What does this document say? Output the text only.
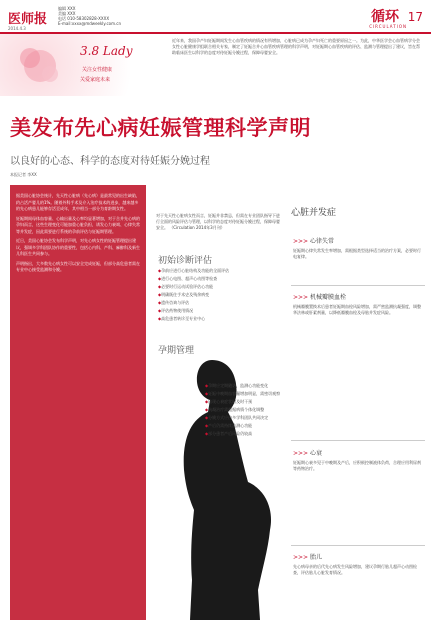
医师报
2014.4.3
编辑 XXX
美编 XXX
电话 010-58302828-XXXX
E-mail:xxxx@mdweekly.com.cn	循环
CIRCULATION
17
3.8 Lady
关注女性健康
关爱家庭未来
近年来，我国孕产妇妊娠期间发生心血管疾病的情况有所增加，心脏病已成为孕产妇死亡的重要原因之一。为此，中华医学会心血管病学分会女性心脏健康学组联合相关专家，制定了妊娠合并心血管疾病管理的科学声明，对妊娠期心血管疾病的评估、监测与管理提出了建议，旨在帮助临床医生以科学的态度对待妊娠分娩过程，保障母婴安全。
美发布先心病妊娠管理科学声明
以良好的心态、科学的态度对待妊娠分娩过程
本报记者 李XX

据美国心脏协会统计，先天性心脏病（先心病）是最常见的出生缺陷，约占活产婴儿的1%。随着外科手术及介入治疗技术的进步，越来越多的先心病患儿能够存活至成年，其中相当一部分为育龄期女性。

妊娠期间母体血容量、心输出量及心率均显著增加，对于合并先心病的孕妇而言，这些生理变化可能加重心脏负担，诱发心力衰竭、心律失常等并发症，因此需要进行系统的孕前评估与妊娠期管理。

近日，美国心脏协会发布科学声明，对先心病女性的妊娠管理提出建议，强调多学科团队协作的重要性，包括心内科、产科、麻醉科及新生儿科医生共同参与。

声明指出，大多数先心病女性可以安全完成妊娠，但部分高危患者需在专业中心接受监测和分娩。

对于先天性心脏病女性而言，妊娠并非禁忌，但需在专业团队指导下进行全面的风险评估与管理，以科学的态度对待妊娠分娩过程，保障母婴安全。 （Circulation 2014年3月刊）
初始诊断评估
◆ 孕前应进行心脏结构及功能的全面评估
◆ 进行心电图、超声心动图等检查
◆ 必要时行运动试验评估心功能
◆ 明确既往手术史及残余病变
◆ 遗传咨询与评估
◆ 评估药物使用情况
◆ 高危患者转诊至专业中心
孕期管理
◆ 孕期应定期随访，监测心功能变化
◆ 妊娠中晚期血容量增加明显，需密切观察
◆ 出现心衰症状时及时干预
◆ 抗凝治疗需根据病情个体化调整
◆ 分娩方式应由多学科团队共同决定
◆ 产后仍需持续监测心功能
◆ 部分患者产后风险仍较高
心脏并发症
>>> 心律失常

妊娠期心律失常发生率增加，需根据类型选择适当的治疗方案，必要时行电复律。

>>> 机械瓣膜血栓

机械瓣膜置换术后患者妊娠期血栓风险增加，需严密监测抗凝强度，调整华法林或肝素剂量，以降低瓣膜血栓及母胎并发症风险。

>>> 心衰

妊娠期心衰多见于中晚期及产后，应积极控制液体负荷，合理应用利尿剂等药物治疗。

>>> 胎儿

先心病母亲的后代先心病发生风险增加，建议孕期行胎儿超声心动图检查，评估胎儿心脏发育情况。
